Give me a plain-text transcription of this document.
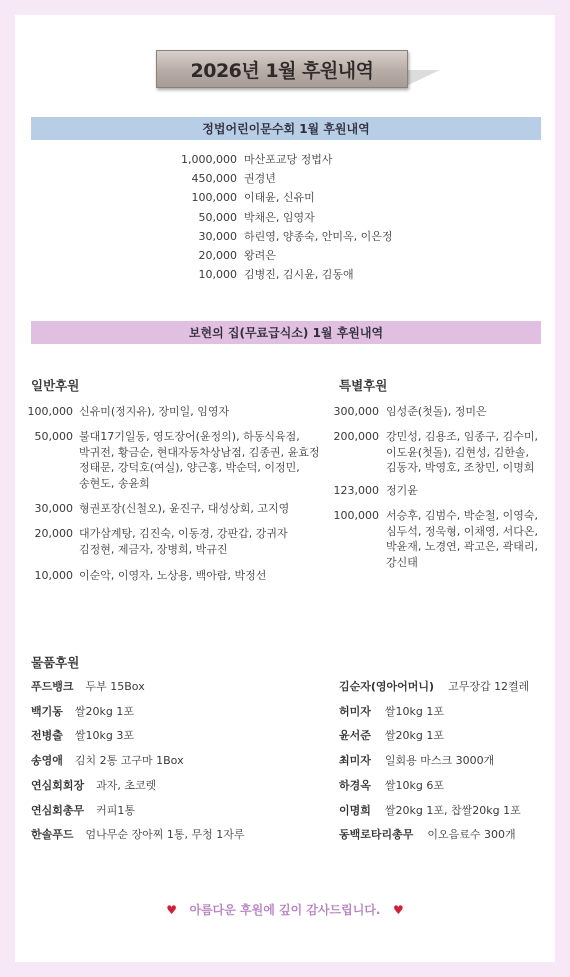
2026년 1월 후원내역
정법어린이문수회 1월 후원내역
1,000,000 마산포교당 정법사
450,000 권경년
100,000 이태윤, 신유미
50,000 박채은, 임영자
30,000 하린영, 양종숙, 안미옥, 이은정
20,000 왕려은
10,000 김병진, 김시윤, 김동애
보현의 집(무료급식소) 1월 후원내역
일반후원
100,000 신유미(정지유), 장미일, 임영자
50,000 불대17기일동, 영도장어(윤정의), 하동식육점,
박귀전, 황금순, 현대자동차상남점, 김종권, 윤효정
정태문, 강덕호(여실), 양근홍, 박순덕, 이정민,
송현도, 송윤희
30,000 형권포장(신철오), 윤진구, 대성상회, 고지영
20,000 대가삼계탕, 김진숙, 이동경, 강판갑, 강귀자
김정현, 제금자, 장병희, 박규진
10,000 이순악, 이영자, 노상용, 백아람, 박정선
특별후원
300,000 임성준(첫돌), 정미은
200,000 강민성, 김용조, 임종구, 김수미,
이도윤(첫돌), 김현성, 김한솔,
김동자, 박영호, 조창민, 이명희
123,000 정기윤
100,000 서승후, 김범수, 박순철, 이영숙,
심두석, 정욱형, 이채영, 서다온,
박윤재, 노경연, 곽고은, 곽태리,
강신태
물품후원
푸드뱅크 두부 15Box
백기동 쌀20kg 1포
전병출 쌀10kg 3포
송영애 김치 2통 고구마 1Box
연심회회장 과자, 초코렛
연심회총무 커피1통
한솔푸드 엄나무순 장아찌 1통, 무청 1자루
김순자(영아어머니) 고무장갑 12켤레
허미자 쌀10kg 1포
윤서준 쌀20kg 1포
최미자 일회용 마스크 3000개
하경옥 쌀10kg 6포
이명희 쌀20kg 1포, 찹쌀20kg 1포
동백로타리총무 이오음료수 300개
♥ 아름다운 후원에 깊이 감사드립니다. ♥
